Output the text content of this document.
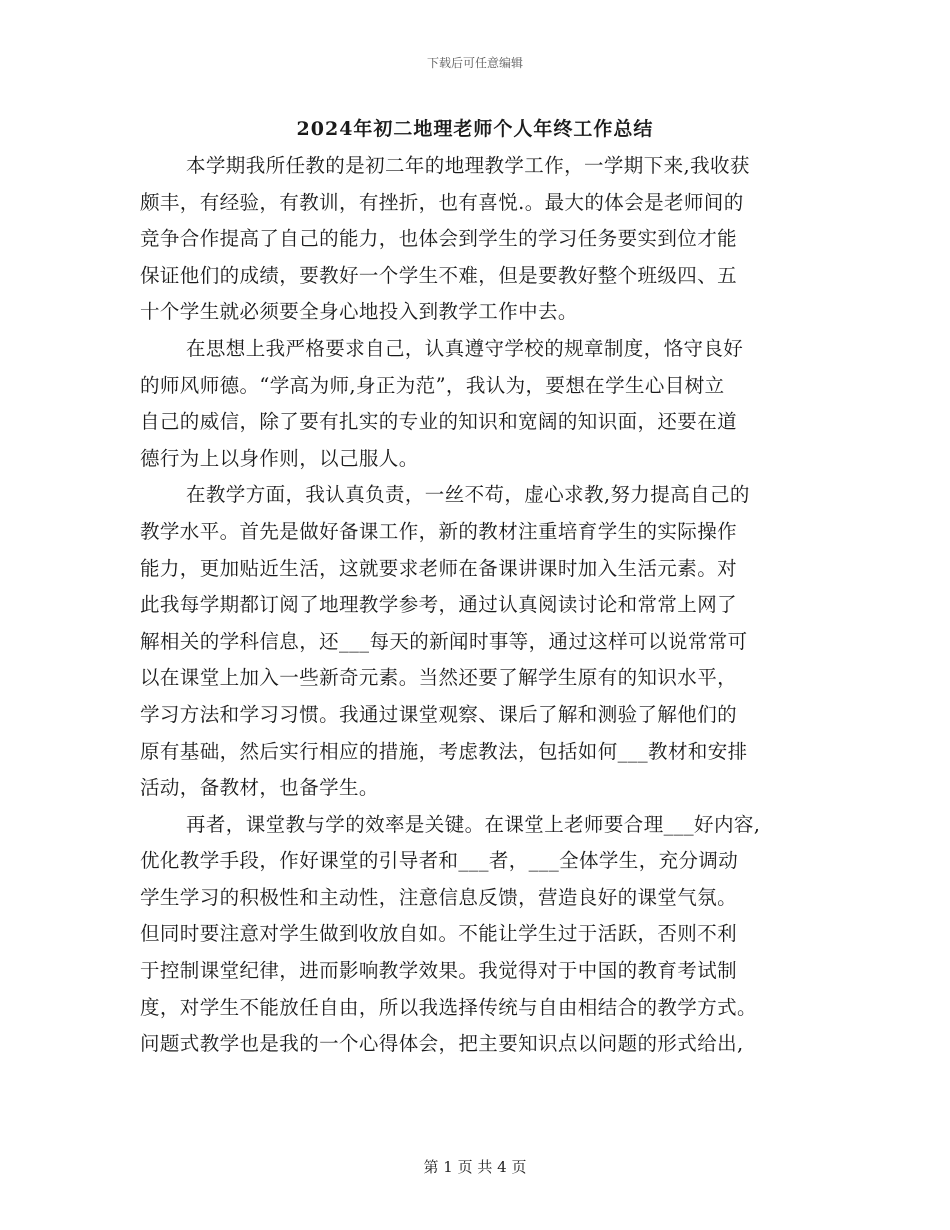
下载后可任意编辑
2024年初二地理老师个人年终工作总结
本学期我所任教的是初二年的地理教学工作，一学期下来,我收获
颇丰，有经验，有教训，有挫折，也有喜悦.。最大的体会是老师间的
竞争合作提高了自己的能力，也体会到学生的学习任务要实到位才能
保证他们的成绩，要教好一个学生不难，但是要教好整个班级四、五
十个学生就必须要全身心地投入到教学工作中去。
在思想上我严格要求自己，认真遵守学校的规章制度，恪守良好
的师风师德。“学高为师,身正为范”，我认为，要想在学生心目树立
自己的威信，除了要有扎实的专业的知识和宽阔的知识面，还要在道
德行为上以身作则，以己服人。
在教学方面，我认真负责，一丝不苟，虚心求教,努力提高自己的
教学水平。首先是做好备课工作，新的教材注重培育学生的实际操作
能力，更加贴近生活，这就要求老师在备课讲课时加入生活元素。对
此我每学期都订阅了地理教学参考，通过认真阅读讨论和常常上网了
解相关的学科信息，还___每天的新闻时事等，通过这样可以说常常可
以在课堂上加入一些新奇元素。当然还要了解学生原有的知识水平，
学习方法和学习习惯。我通过课堂观察、课后了解和测验了解他们的
原有基础，然后实行相应的措施，考虑教法，包括如何___教材和安排
活动，备教材，也备学生。
再者，课堂教与学的效率是关键。在课堂上老师要合理___好内容,
优化教学手段，作好课堂的引导者和___者，___全体学生，充分调动
学生学习的积极性和主动性，注意信息反馈，营造良好的课堂气氛。
但同时要注意对学生做到收放自如。不能让学生过于活跃，否则不利
于控制课堂纪律，进而影响教学效果。我觉得对于中国的教育考试制
度，对学生不能放任自由，所以我选择传统与自由相结合的教学方式。
问题式教学也是我的一个心得体会，把主要知识点以问题的形式给出,
第 1 页 共 4 页
